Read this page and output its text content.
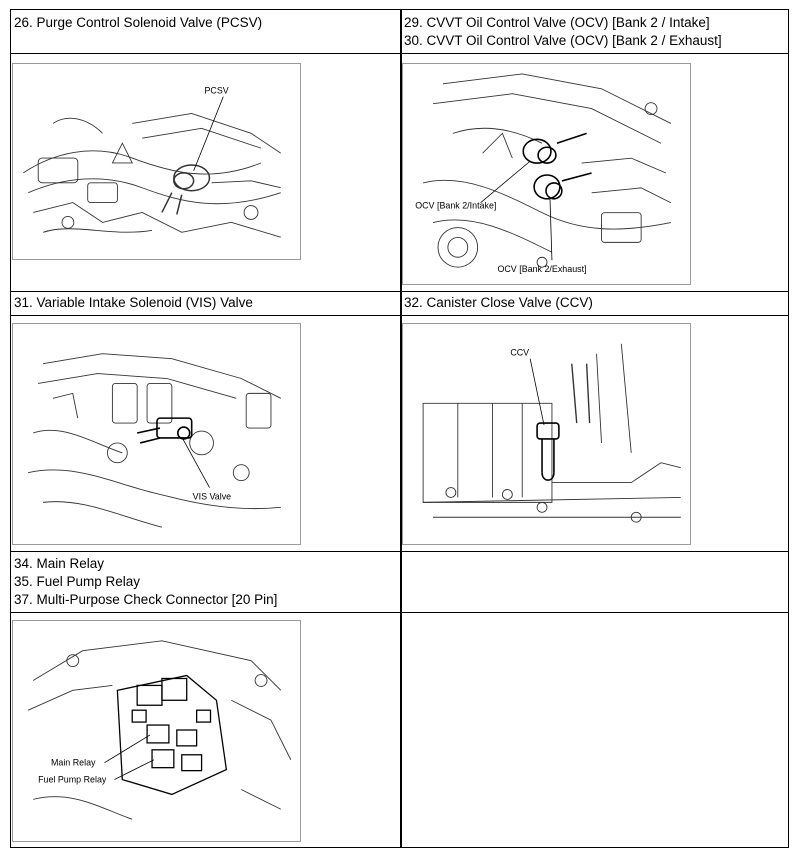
26. Purge Control Solenoid Valve (PCSV)	29. CVVT Oil Control Valve (OCV) [Bank 2 / Intake]
30. CVVT Oil Control Valve (OCV) [Bank 2 / Exhaust]
PCSV
OCV [Bank 2/Intake]
OCV [Bank 2/Exhaust]
31. Variable Intake Solenoid (VIS) Valve	32. Canister Close Valve (CCV)
VIS Valve
CCV
34. Main Relay
35. Fuel Pump Relay
37. Multi-Purpose Check Connector [20 Pin]
Main Relay
Fuel Pump Relay
